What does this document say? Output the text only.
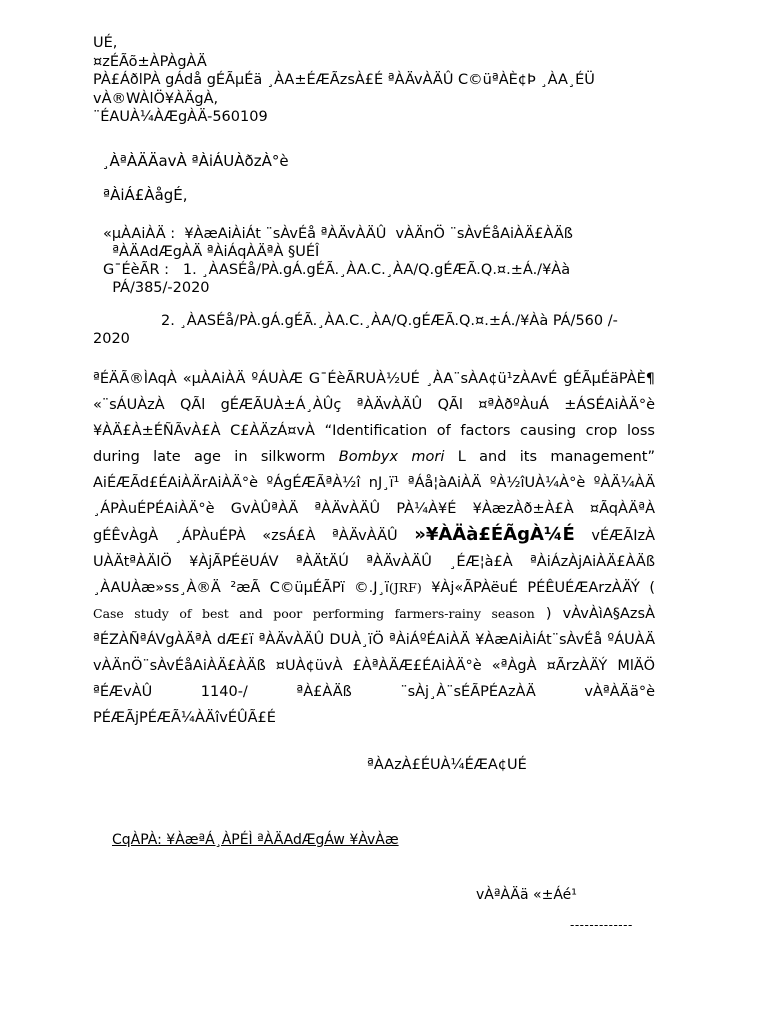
UÉ,
¤zÉÃõ±ÀPÀgÀÄ
PÀ£ÁðlPÀ gÁdå gÉÃµÉä ¸ÀA±ÉÆÃzsÀ£É ªÀÄvÀÄÛ C©üªÀÈ¢Þ ¸ÀA¸ÉÜ
vÀ®WÀlÖ¥ÀÄgÀ,
¨ÉAUÀ¼ÀÆgÀÄ-560109
¸ÀªÀÄÄavÀ ªÀiÁUÀðzÀ°è
ªÀiÁ£ÀågÉ,
«µÀAiÀÄ :  ¥ÀæAiÀiÁt ¨sÀvÉå ªÀÄvÀÄÛ  vÀÄnÖ ¨sÀvÉåAiÀÄ£ÀÄß
ªÀÄAdÆgÀÄ ªÀiÁqÀÄªÀ §UÉÎ
G¯ÉèÃR :   1. ¸ÀASÉå/PÀ.gÁ.gÉÃ.¸ÀA.C.¸ÀA/Q.gÉÆÃ.Q.¤.±Á./¥Àà
PÁ/385/-2020
2. ¸ÀASÉå/PÀ.gÁ.gÉÃ.¸ÀA.C.¸ÀA/Q.gÉÆÃ.Q.¤.±Á./¥Àà PÁ/560 /-
2020
ªÉÄÃ®ÌAqÀ «µÀAiÀÄ ºÁUÀÆ G¯ÉèÃRUÀ½UÉ ¸ÀA¨sÀA¢ü¹zÀAvÉ gÉÃµÉäPÀÈ¶ «¨sÁUÀzÀ QÃl gÉÆÃUÀ±Á¸ÀÛç ªÀÄvÀÄÛ QÃl ¤ªÀðºÀuÁ ±ÁSÉAiÀÄ°è ¥ÀÄ£À±ÉÑÃvÀ£À C£ÀÄzÁ¤vÀ “Identification of factors causing crop loss during late age in silkworm Bombyx mori L and its management” AiÉÆÃd£ÉAiÀÄrAiÀÄ°è ºÁgÉÆÃªÀ½î nJ¸ï¹ ªÁå¦àAiÀÄ ºÀ½îUÀ¼À°è ºÀÄ¼ÀÄ ¸ÁPÀuÉPÉAiÀÄ°è GvÀÛªÀÄ ªÀÄvÀÄÛ PÀ¼À¥É ¥ÀæzÀð±À£À ¤ÃqÀÄªÀ gÉÊvÀgÀ ¸ÁPÀuÉPÀ «zsÁ£À ªÀÄvÀÄÛ »¥ÀÄà£ÉÃgÀ¼É vÉÆÃIzÀ UÀÄtªÀÄlÖ ¥ÀjÃPÉëUÁV ªÀÄtÄÚ ªÀÄvÀÄÛ ¸ÉÆ¦à£À ªÀiÁzÀjAiÀÄ£ÀÄß ¸ÀAUÀæ»ss¸À®Ä ²æÃ C©üµÉÃPï ©.J¸ï(JRF) ¥Àj«ÃPÀëuÉ PÉÊUÉÆArzÀÄÝ ( Case study of best and poor performing farmers-rainy season ) vÀvÀìA§AzsÀ ªÉZÀÑªÁVgÀÄªÀ dÆ£ï ªÀÄvÀÄÛ DUÀ¸ïÖ ªÀiÁºÉAiÀÄ ¥ÀæAiÀiÁt¨sÀvÉå ºÁUÀÄ vÀÄnÖ¨sÀvÉåAiÀÄ£ÀÄß ¤UÀ¢üvÀ £ÀªÀÄÆ£ÉAiÀÄ°è «ªÀgÀ ¤ÃrzÀÄÝ MlÄÖ ªÉÆvÀÛ 1140-/ ªÀ£ÀÄß ¨sÀj¸À¨sÉÃPÉAzÀÄ vÀªÀÄä°è PÉÆÃjPÉÆÃ¼ÀÄîvÉÛÃ£É
ªÀAzÀ£ÉUÀ¼ÉÆA¢UÉ
CqÀPÀ: ¥ÀæªÁ¸ÀPÉÌ ªÀÄAdÆgÁw ¥ÀvÀæ
vÀªÀÄä «±Áé¹
-------------
